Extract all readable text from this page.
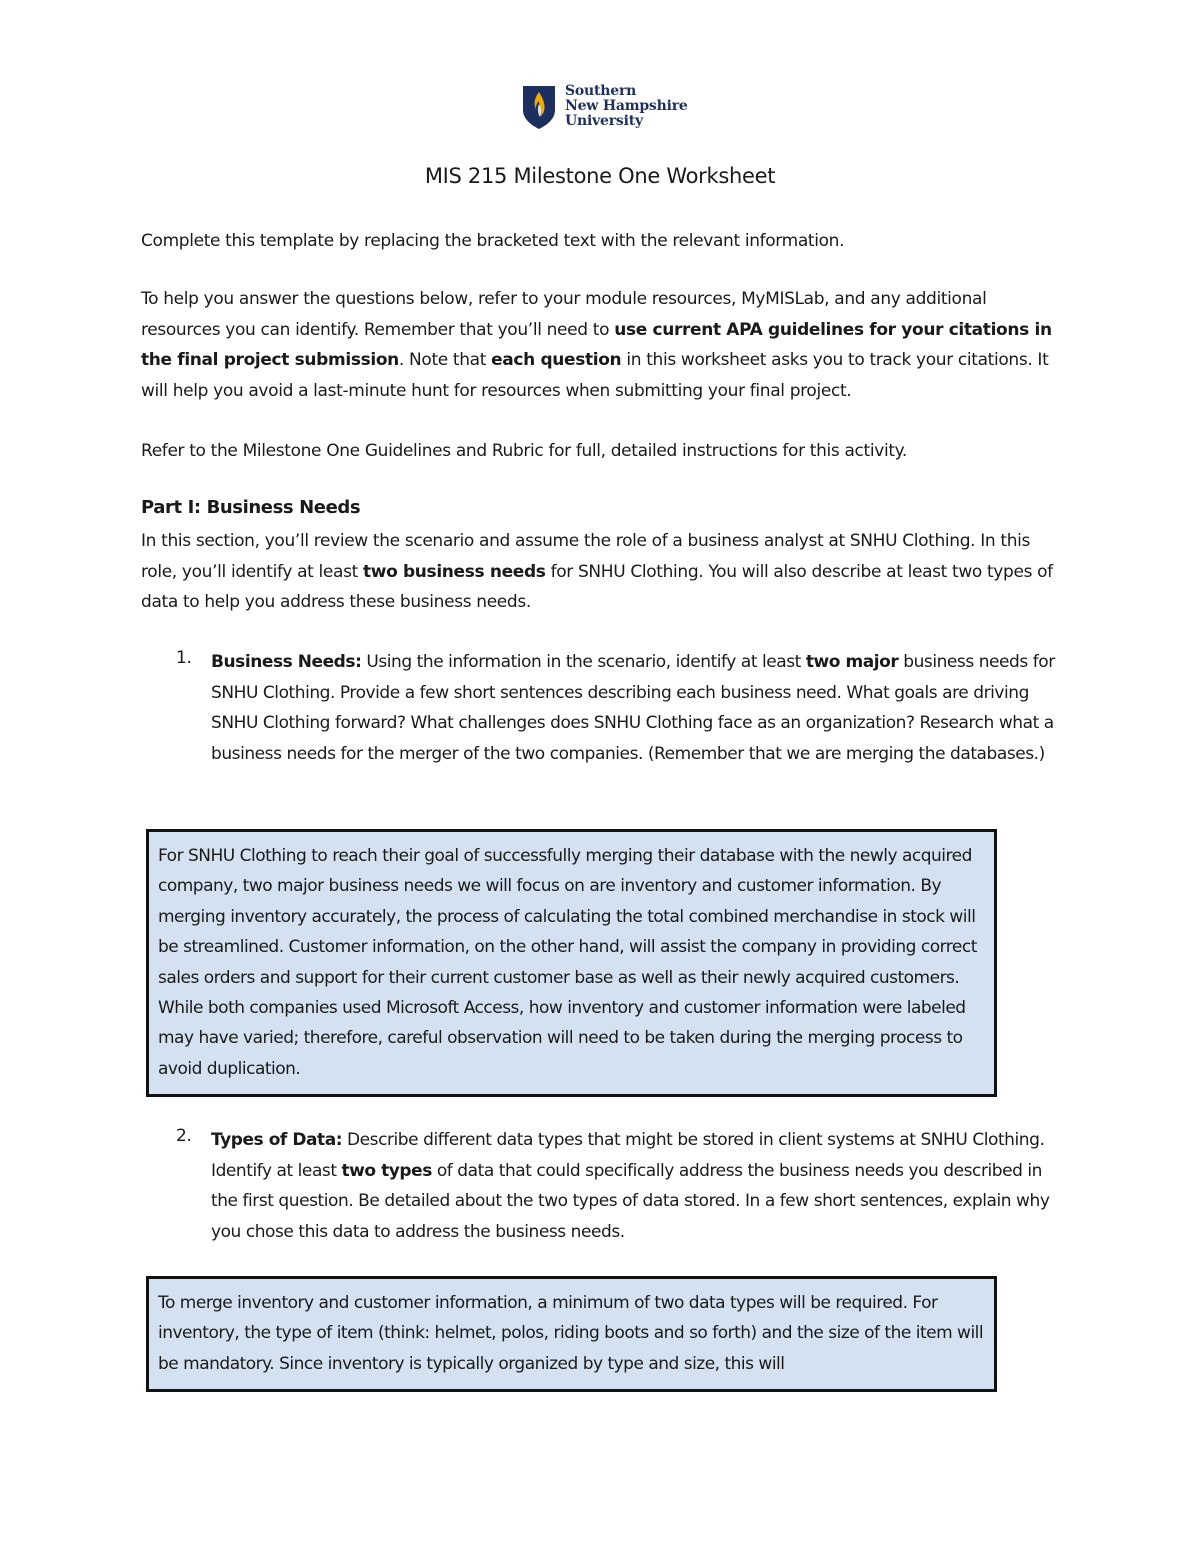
Southern
New Hampshire
University
MIS 215 Milestone One Worksheet

Complete this template by replacing the bracketed text with the relevant information.

To help you answer the questions below, refer to your module resources, MyMISLab, and any additional resources you can identify. Remember that you’ll need to use current APA guidelines for your citations in the final project submission. Note that each question in this worksheet asks you to track your citations. It will help you avoid a last-minute hunt for resources when submitting your final project.

Refer to the Milestone One Guidelines and Rubric for full, detailed instructions for this activity.

Part I: Business Needs

In this section, you’ll review the scenario and assume the role of a business analyst at SNHU Clothing. In this role, you’ll identify at least two business needs for SNHU Clothing. You will also describe at least two types of data to help you address these business needs.

1. Business Needs: Using the information in the scenario, identify at least two major business needs for SNHU Clothing. Provide a few short sentences describing each business need. What goals are driving SNHU Clothing forward? What challenges does SNHU Clothing face as an organization? Research what a business needs for the merger of the two companies. (Remember that we are merging the databases.)

For SNHU Clothing to reach their goal of successfully merging their database with the newly acquired company, two major business needs we will focus on are inventory and customer information. By merging inventory accurately, the process of calculating the total combined merchandise in stock will be streamlined. Customer information, on the other hand, will assist the company in providing correct sales orders and support for their current customer base as well as their newly acquired customers. While both companies used Microsoft Access, how inventory and customer information were labeled may have varied; therefore, careful observation will need to be taken during the merging process to avoid duplication.
2. Types of Data: Describe different data types that might be stored in client systems at SNHU Clothing. Identify at least two types of data that could specifically address the business needs you described in the first question. Be detailed about the two types of data stored. In a few short sentences, explain why you chose this data to address the business needs.

To merge inventory and customer information, a minimum of two data types will be required. For inventory, the type of item (think: helmet, polos, riding boots and so forth) and the size of the item will be mandatory. Since inventory is typically organized by type and size, this will
